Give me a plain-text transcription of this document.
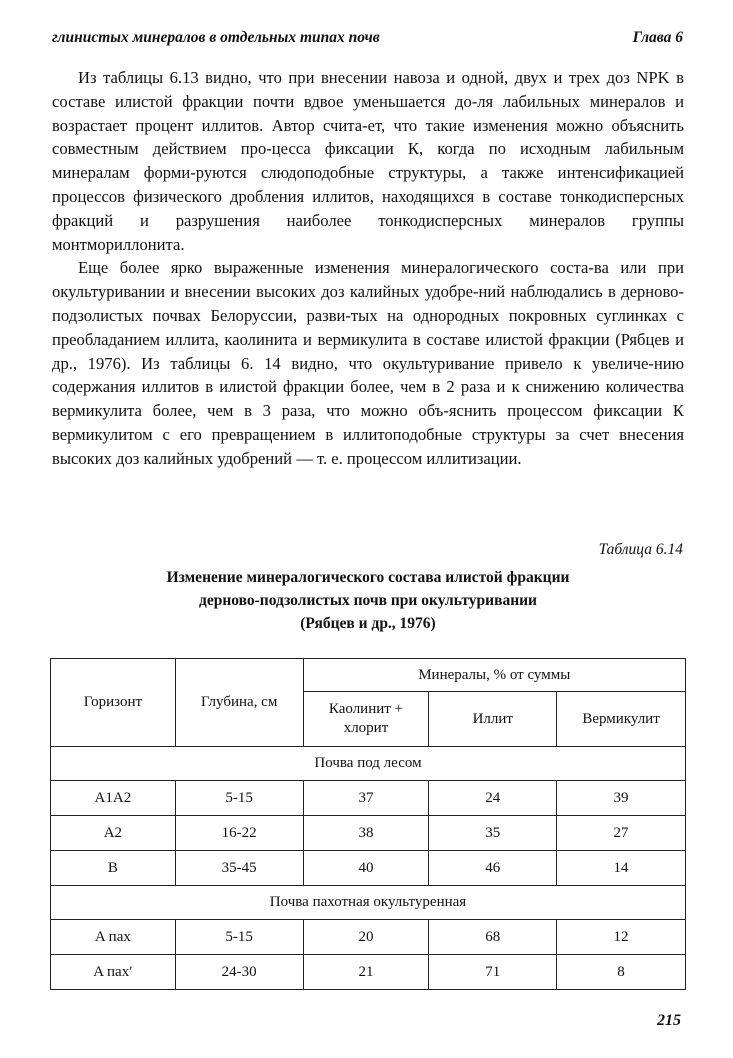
глинистых минералов в отдельных типах почв	Глава 6

Из таблицы 6.13 видно, что при внесении навоза и одной, двух и трех доз NPK в составе илистой фракции почти вдвое уменьшается до-ля лабильных минералов и возрастает процент иллитов. Автор счита-ет, что такие изменения можно объяснить совместным действием про-цесса фиксации К, когда по исходным лабильным минералам форми-руются слюдоподобные структуры, а также интенсификацией процессов физического дробления иллитов, находящихся в составе тонкодисперсных фракций и разрушения наиболее тонкодисперсных минералов группы монтмориллонита.

Еще более ярко выраженные изменения минералогического соста-ва или при окультуривании и внесении высоких доз калийных удобре-ний наблюдались в дерново- подзолистых почвах Белоруссии, разви-тых на однородных покровных суглинках с преобладанием иллита, каолинита и вермикулита в составе илистой фракции (Рябцев и др., 1976). Из таблицы 6. 14 видно, что окультуривание привело к увеличе-нию содержания иллитов в илистой фракции более, чем в 2 раза и к снижению количества вермикулита более, чем в 3 раза, что можно объ-яснить процессом фиксации К вермикулитом с его превращением в иллитоподобные структуры за счет внесения высоких доз калийных удобрений — т. е. процессом иллитизации.

Таблица 6.14
Изменение минералогического состава илистой фракции
дерново-подзолистых почв при окультуривании
(Рябцев и др., 1976)
Горизонт	Глубина, см	Минералы, % от суммы		
		Каолинит + хлорит	Иллит	Вермикулит
Почва под лесом				
A1A2	5-15	37	24	39
A2	16-22	38	35	27
B	35-45	40	46	14
Почва пахотная окультуренная				
A пах	5-15	20	68	12
A пах′	24-30	21	71	8
215
